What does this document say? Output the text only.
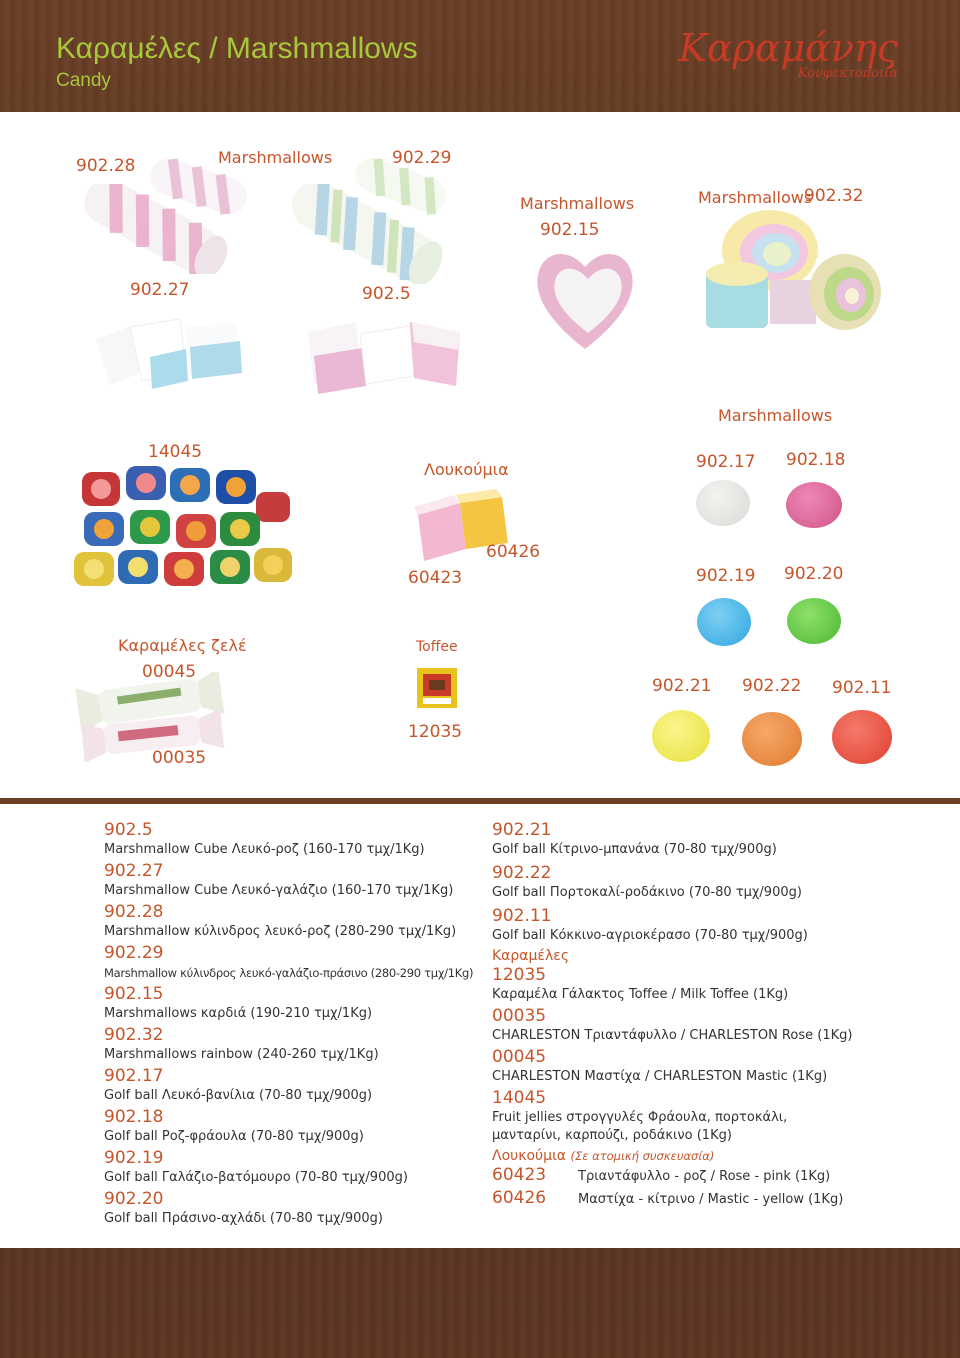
Καραμέλες / Marshmallows
Candy
Καραμάνης
Κονφεκτοποιία
902.28	Marshmallows	902.29
Marshmallows
902.15
Marshmallows
902.32
902.27	902.5
Marshmallows
14045
Λουκούμια	902.17 902.18
60426
60423	902.19 902.20
Καραμέλες ζελέ	Toffee
00045
902.21 902.22 902.11
12035
00035
902.5
Marshmallow Cube Λευκό-ροζ (160-170 τμχ/1Kg)
902.27
Marshmallow Cube Λευκό-γαλάζιο (160-170 τμχ/1Kg)
902.28
Marshmallow κύλινδρος λευκό-ροζ (280-290 τμχ/1Kg)
902.29
Marshmallow κύλινδρος λευκό-γαλάζιο-πράσινο (280-290 τμχ/1Kg)
902.15
Marshmallows καρδιά (190-210 τμχ/1Kg)
902.32
Marshmallows rainbow (240-260 τμχ/1Kg)
902.17
Golf ball Λευκό-βανίλια (70-80 τμχ/900g)
902.18
Golf ball Ροζ-φράουλα (70-80 τμχ/900g)
902.19
Golf ball Γαλάζιο-βατόμουρο (70-80 τμχ/900g)
902.20
Golf ball Πράσινο-αχλάδι (70-80 τμχ/900g)
902.21
Golf ball Κίτρινο-μπανάνα (70-80 τμχ/900g)
902.22
Golf ball Πορτοκαλί-ροδάκινο (70-80 τμχ/900g)
902.11
Golf ball Κόκκινο-αγριοκέρασο (70-80 τμχ/900g)
Καραμέλες
12035
Καραμέλα Γάλακτος Toffee / Milk Toffee (1Kg)
00035
CHARLESTON Τριαντάφυλλο / CHARLESTON Rose (1Kg)
00045
CHARLESTON Μαστίχα / CHARLESTON Mastic (1Kg)
14045
Fruit jellies στρογγυλές Φράουλα, πορτοκάλι,
μανταρίνι, καρπούζι, ροδάκινο (1Kg)
Λουκούμια (Σε ατομική συσκευασία)
60423	Τριαντάφυλλο - ροζ / Rose - pink (1Kg)
60426	Μαστίχα - κίτρινο / Mastic - yellow (1Kg)
